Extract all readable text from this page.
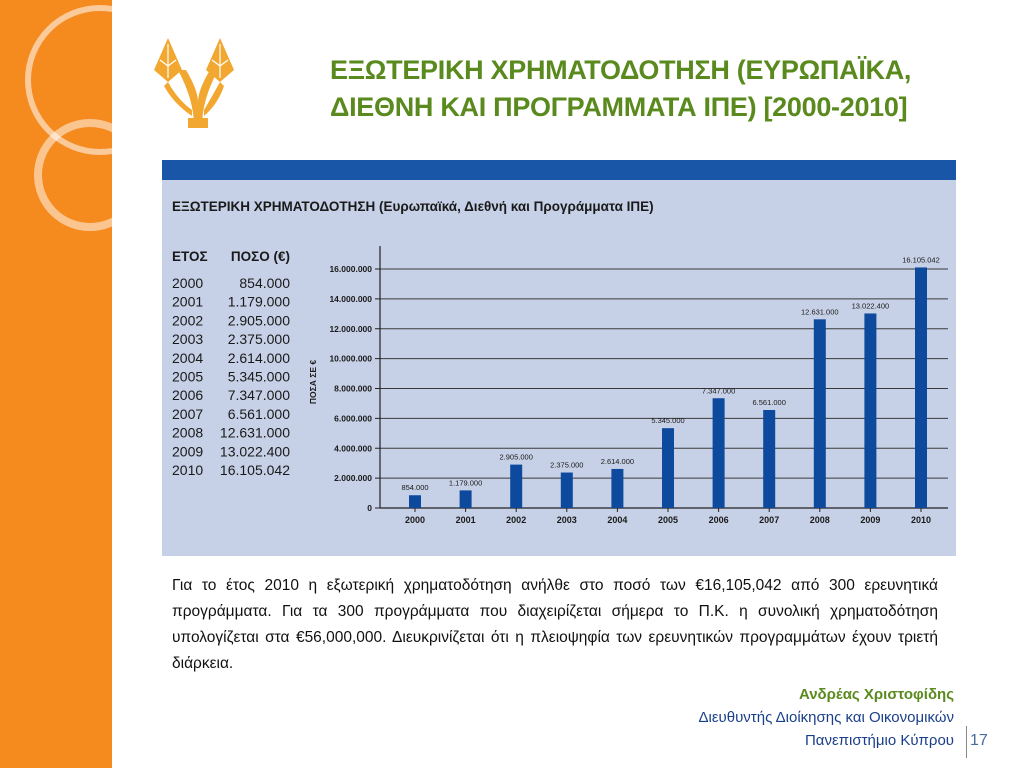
ΕΞΩΤΕΡΙΚΗ ΧΡΗΜΑΤΟΔΟΤΗΣΗ (ΕΥΡΩΠΑΪΚΑ,
ΔΙΕΘΝΗ ΚΑΙ ΠΡΟΓΡΑΜΜΑΤΑ ΙΠΕ) [2000-2010]
ΕΞΩΤΕΡΙΚΗ ΧΡΗΜΑΤΟΔΟΤΗΣΗ (Ευρωπαϊκά, Διεθνή και Προγράμματα ΙΠΕ)
ΕΤΟΣ ΠΟΣΟ (€)
2000	854.000
2001 1.179.000
2002 2.905.000
2003 2.375.000
2004 2.614.000
2005 5.345.000
2006 7.347.000
2007 6.561.000
2008 12.631.000
2009 13.022.400
2010 16.105.042
0
2.000.000
4.000.000
6.000.000
8.000.000
10.000.000
12.000.000
14.000.000
16.000.000
ΠΟΣΑ ΣΕ €
854.000
1.179.000
2.905.000
2.375.000 2.614.000
5.345.000
7.347.000
6.561.000
12.631.000
13.022.400
16.105.042
2000	2001	2002	2003	2004	2005	2006	2007	2008	2009	2010

Για το έτος 2010 η εξωτερική χρηματοδότηση ανήλθε στο ποσό των €16,105,042 από 300 ερευνητικά προγράμματα. Για τα 300 προγράμματα που διαχειρίζεται σήμερα το Π.Κ. η συνολική χρηματοδότηση υπολογίζεται στα €56,000,000. Διευκρινίζεται ότι η πλειοψηφία των ερευνητικών προγραμμάτων έχουν τριετή διάρκεια.

Ανδρέας Χριστοφίδης
Διευθυντής Διοίκησης και Οικονομικών
Πανεπιστήμιο Κύπρου 17
